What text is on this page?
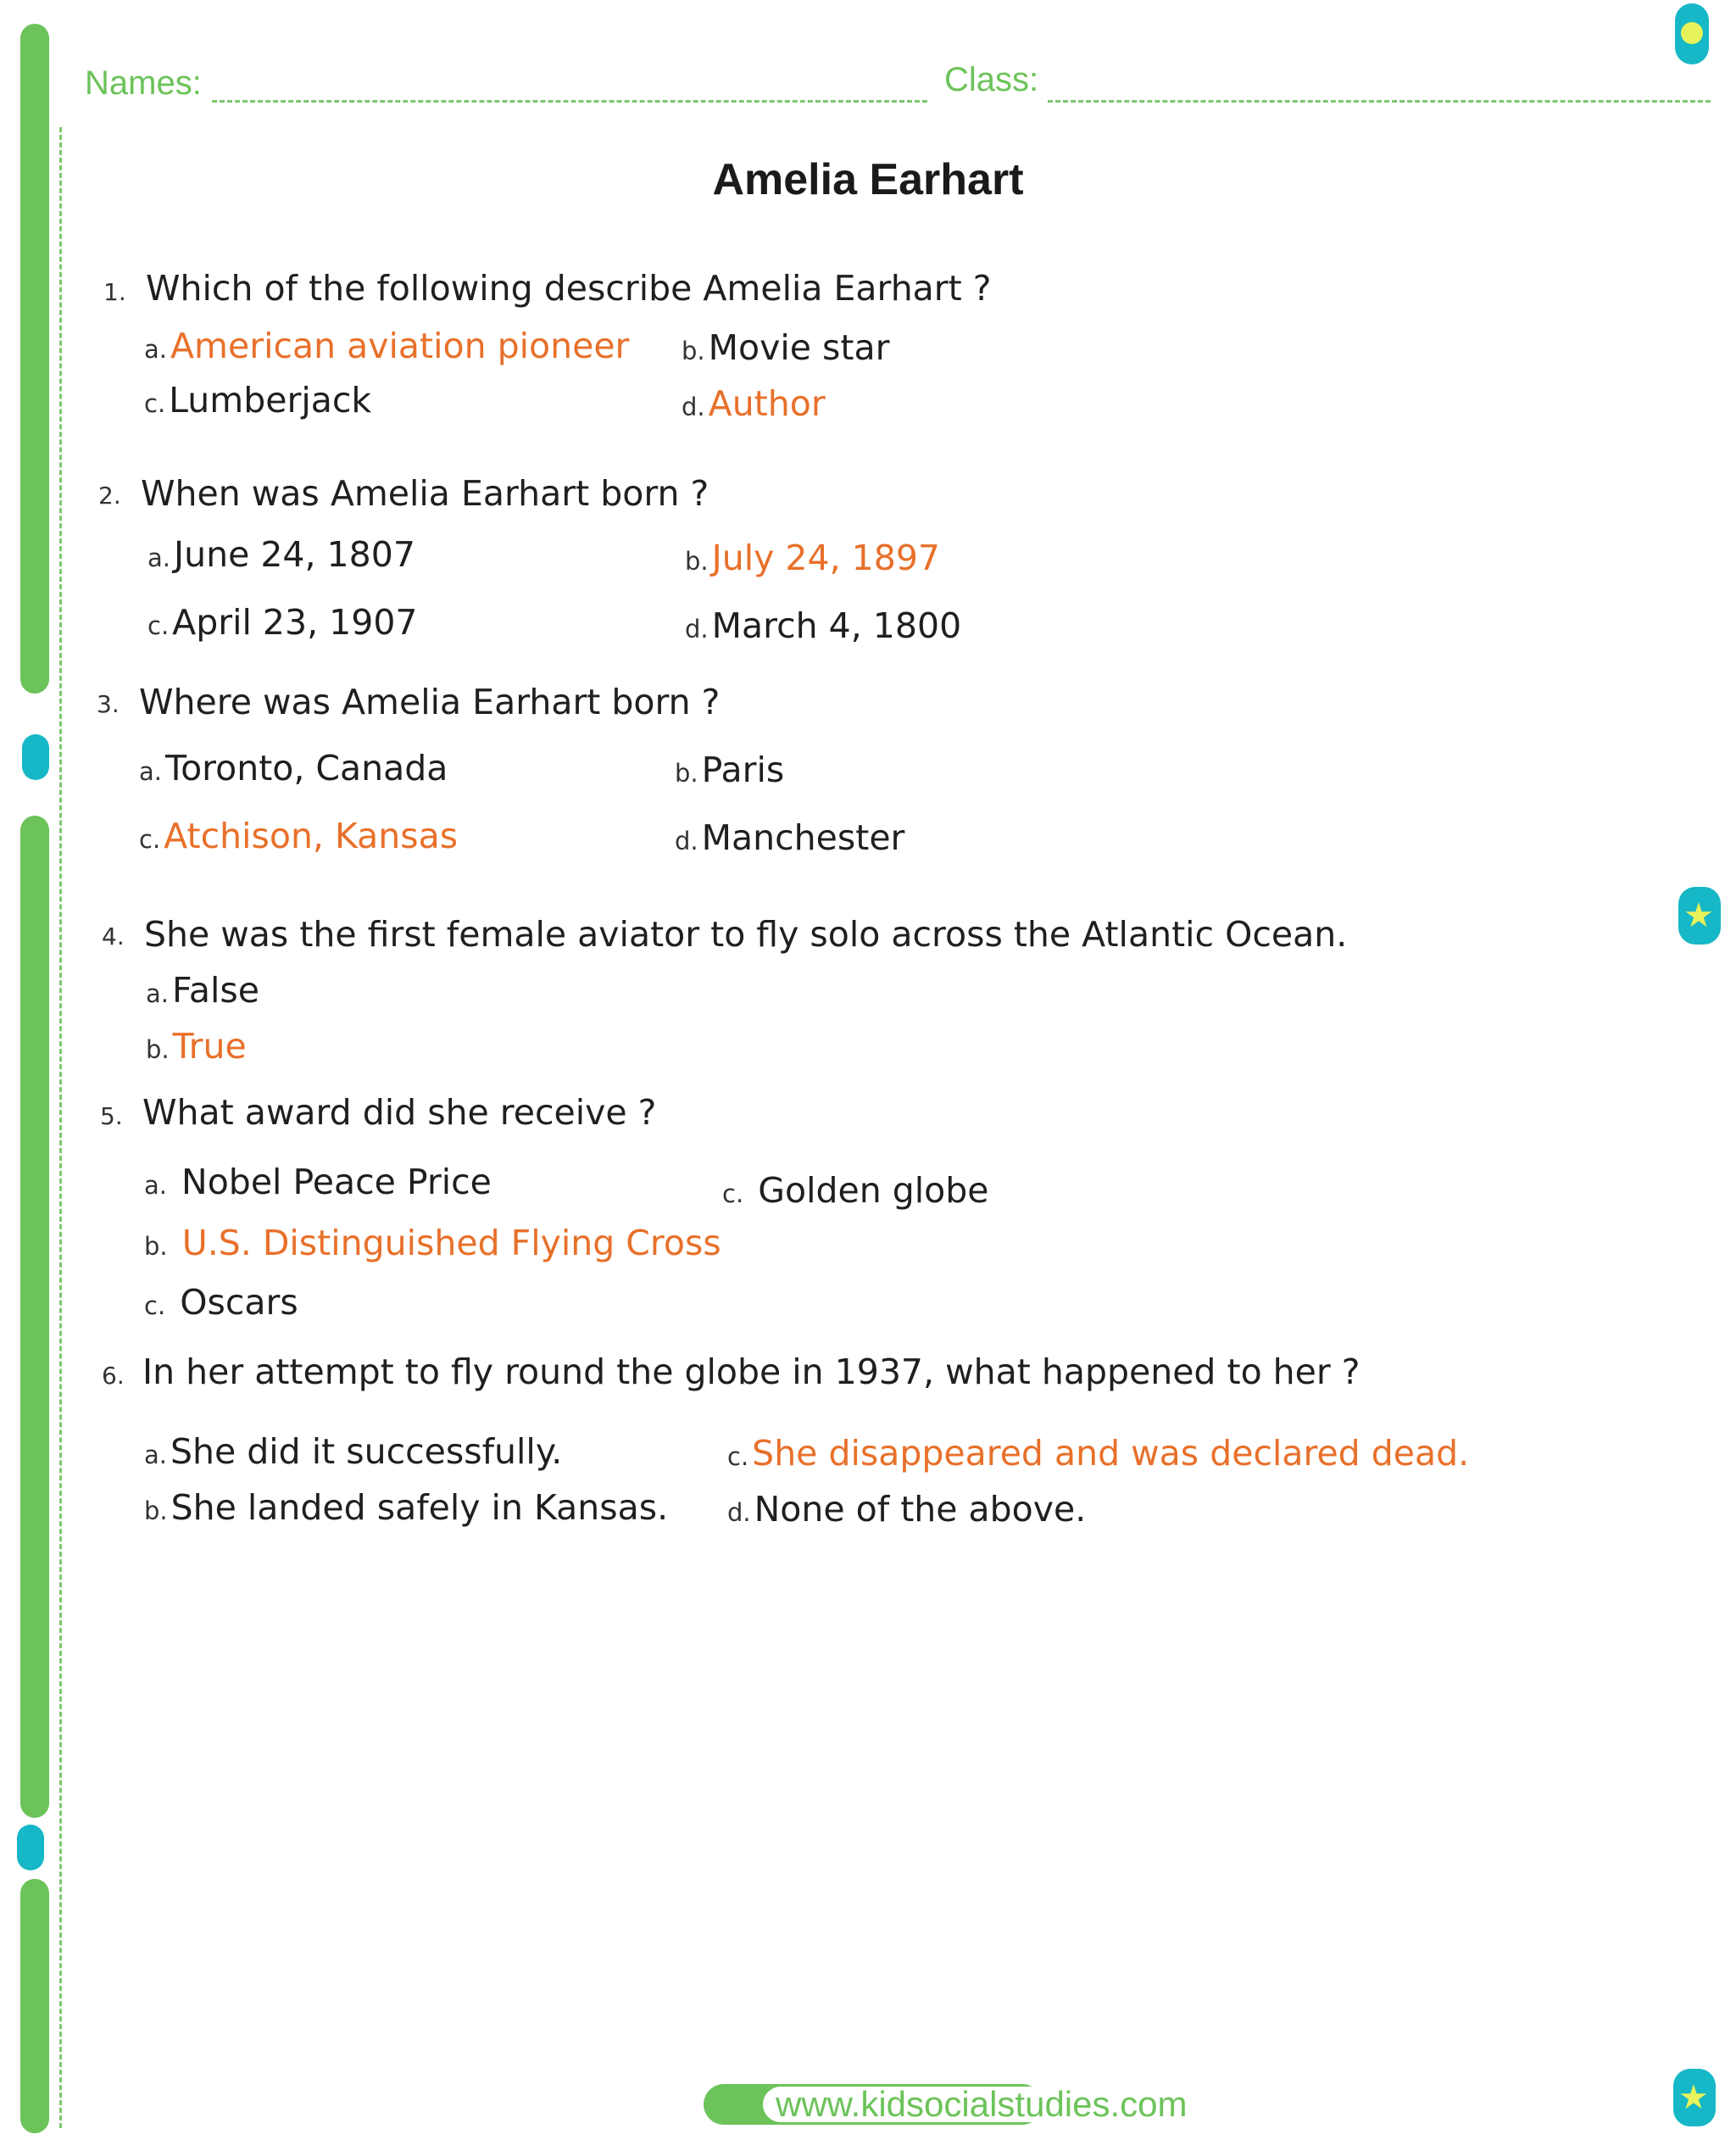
★
★
Names:	Class:
Amelia Earhart
1. Which of the following describe Amelia Earhart ?
a.American aviation pioneer b.Movie star
c.Lumberjack	d.Author
2. When was Amelia Earhart born ?
a.June 24, 1807	b.July 24, 1897
c.April 23, 1907	d.March 4, 1800
3. Where was Amelia Earhart born ?
a.Toronto, Canada	b.Paris
c.Atchison, Kansas	d.Manchester
4. She was the first female aviator to fly solo across the Atlantic Ocean.
a.False
b.True
5. What award did she receive ?
a. Nobel Peace Price	c. Golden globe
b. U.S. Distinguished Flying Cross
c. Oscars
6. In her attempt to fly round the globe in 1937, what happened to her ?
a.She did it successfully.	c.She disappeared and was declared dead.
b.She landed safely in Kansas. d.None of the above.
www.kidsocialstudies.com
